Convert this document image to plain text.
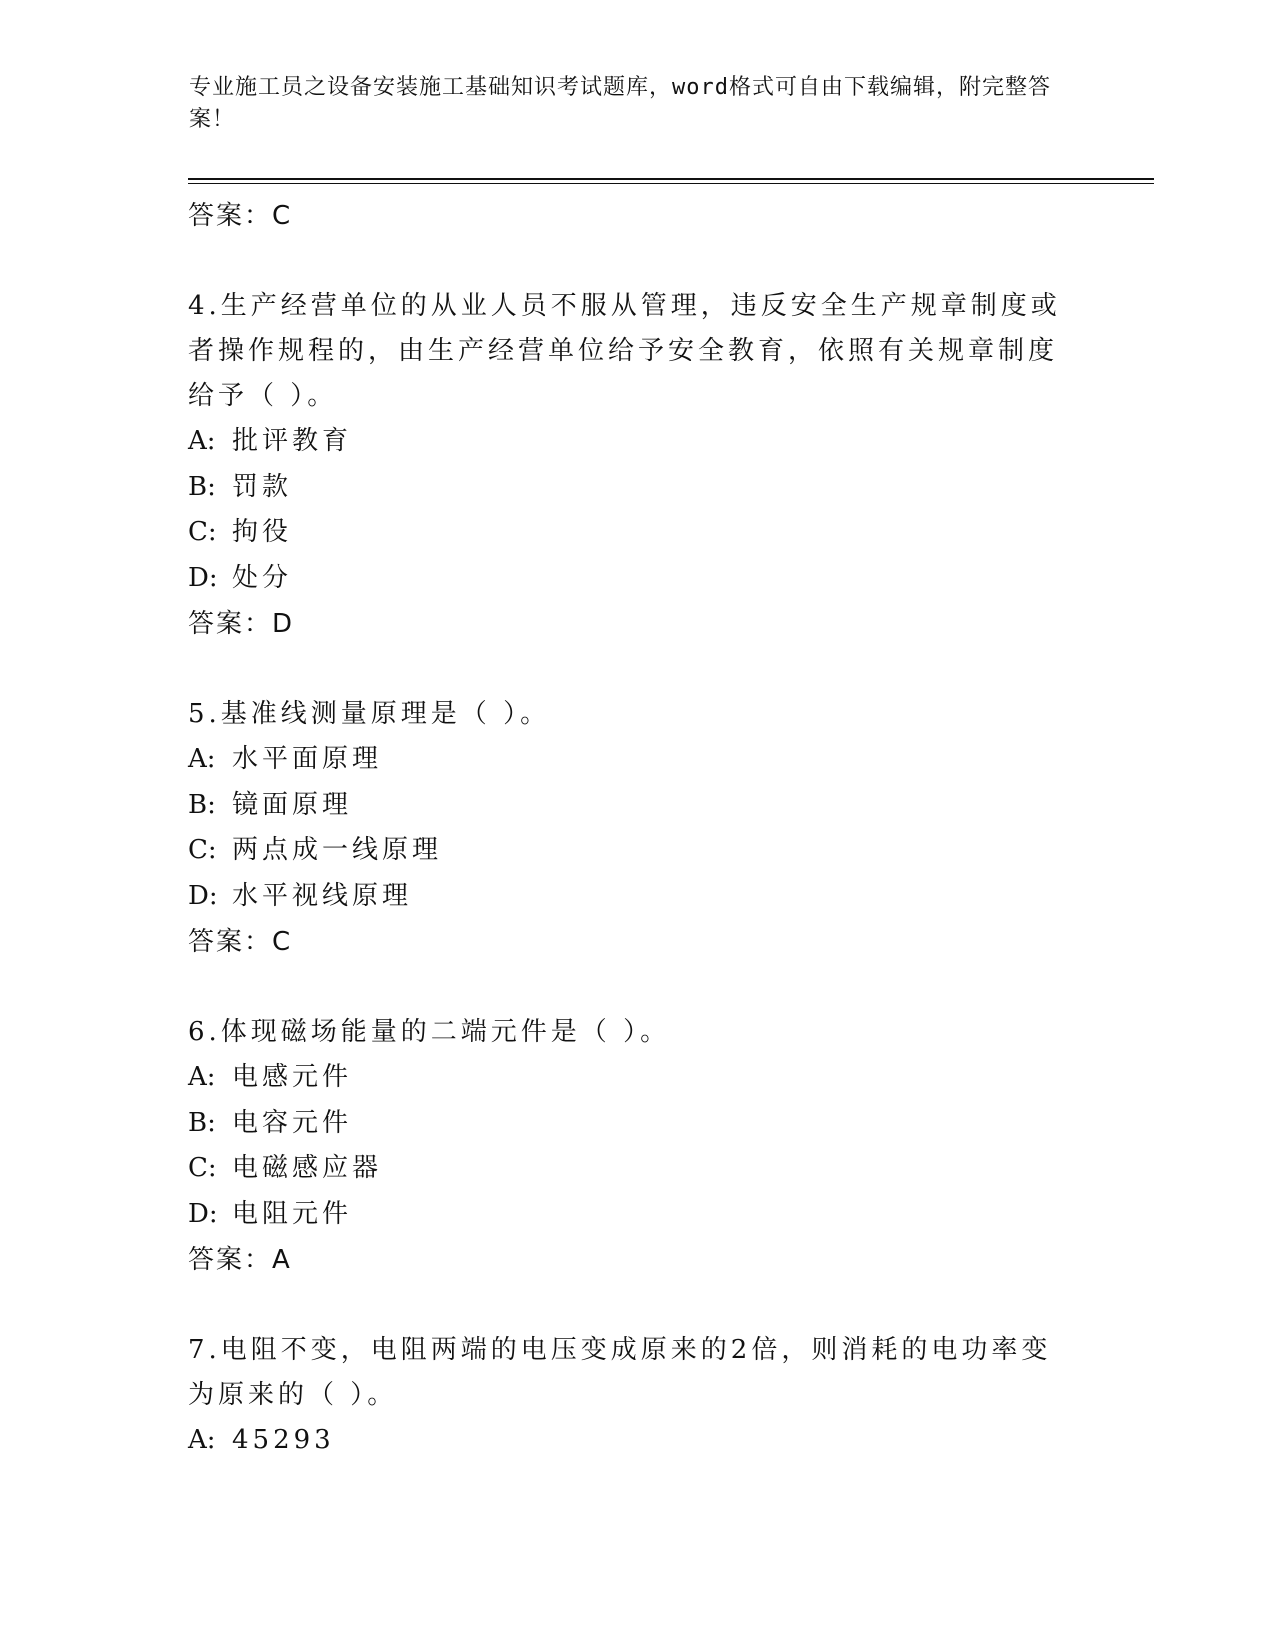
专业施工员之设备安装施工基础知识考试题库，word格式可自由下载编辑，附完整答案！
答案：C
4.生产经营单位的从业人员不服从管理，违反安全生产规章制度或者操作规程的，由生产经营单位给予安全教育，依照有关规章制度给予（ ）。
A: 批评教育
B: 罚款
C: 拘役
D: 处分
答案：D
5.基准线测量原理是（ ）。
A: 水平面原理
B: 镜面原理
C: 两点成一线原理
D: 水平视线原理
答案：C
6.体现磁场能量的二端元件是（ ）。
A: 电感元件
B: 电容元件
C: 电磁感应器
D: 电阻元件
答案：A
7.电阻不变，电阻两端的电压变成原来的2倍，则消耗的电功率变为原来的（ ）。
A: 45293
